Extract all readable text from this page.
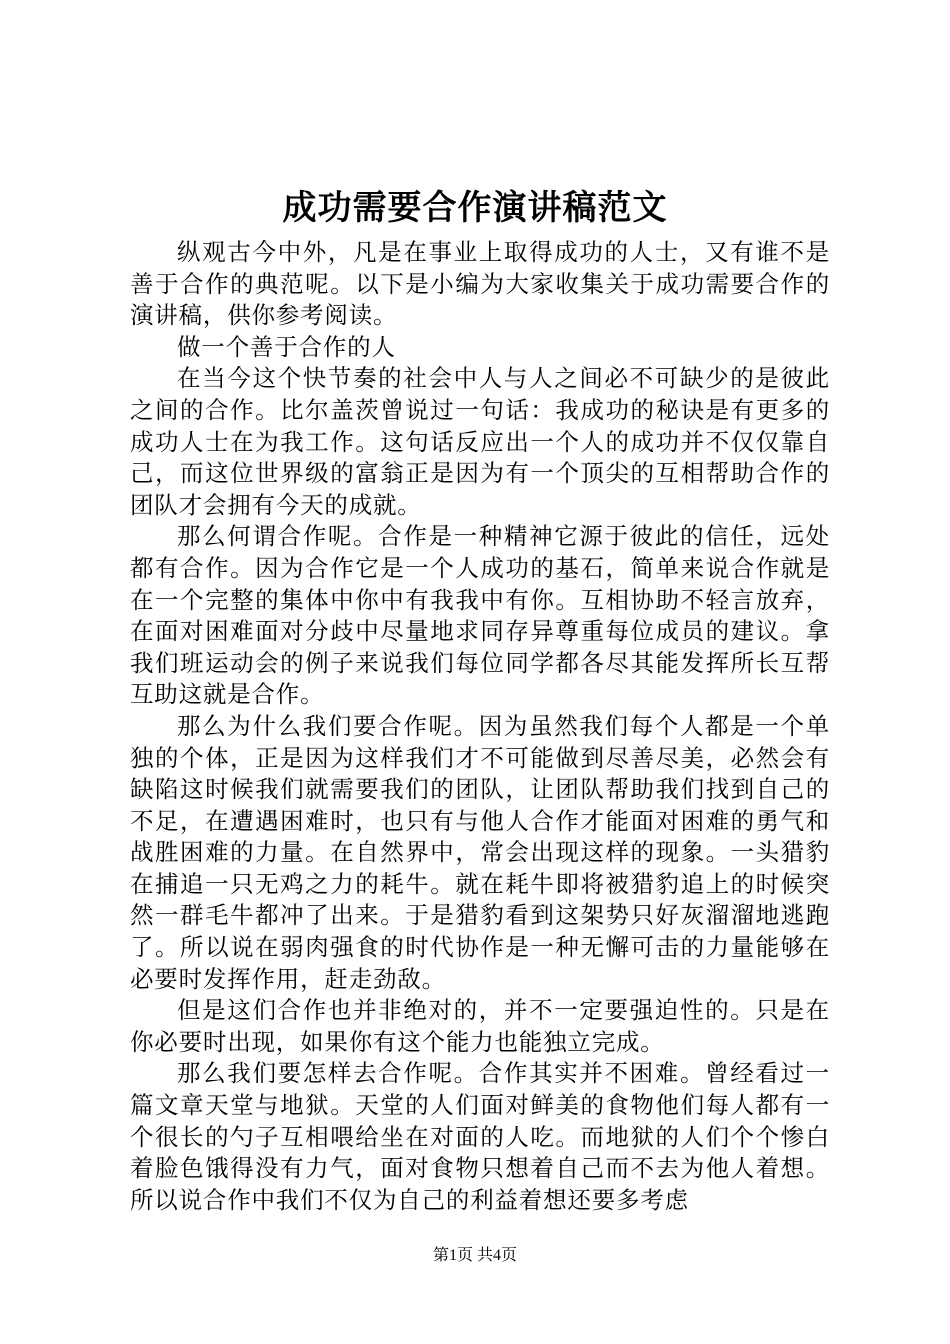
成功需要合作演讲稿范文

纵观古今中外，凡是在事业上取得成功的人士，又有谁不是善于合作的典范呢。以下是小编为大家收集关于成功需要合作的演讲稿，供你参考阅读。

做一个善于合作的人

在当今这个快节奏的社会中人与人之间必不可缺少的是彼此之间的合作。比尔盖茨曾说过一句话：我成功的秘诀是有更多的成功人士在为我工作。这句话反应出一个人的成功并不仅仅靠自己，而这位世界级的富翁正是因为有一个顶尖的互相帮助合作的团队才会拥有今天的成就。

那么何谓合作呢。合作是一种精神它源于彼此的信任，远处都有合作。因为合作它是一个人成功的基石，简单来说合作就是在一个完整的集体中你中有我我中有你。互相协助不轻言放弃，在面对困难面对分歧中尽量地求同存异尊重每位成员的建议。拿我们班运动会的例子来说我们每位同学都各尽其能发挥所长互帮互助这就是合作。

那么为什么我们要合作呢。因为虽然我们每个人都是一个单独的个体，正是因为这样我们才不可能做到尽善尽美，必然会有缺陷这时候我们就需要我们的团队，让团队帮助我们找到自己的不足，在遭遇困难时，也只有与他人合作才能面对困难的勇气和战胜困难的力量。在自然界中，常会出现这样的现象。一头猎豹在捕追一只无鸡之力的耗牛。就在耗牛即将被猎豹追上的时候突然一群毛牛都冲了出来。于是猎豹看到这架势只好灰溜溜地逃跑了。所以说在弱肉强食的时代协作是一种无懈可击的力量能够在必要时发挥作用，赶走劲敌。

但是这们合作也并非绝对的，并不一定要强迫性的。只是在你必要时出现，如果你有这个能力也能独立完成。

那么我们要怎样去合作呢。合作其实并不困难。曾经看过一篇文章天堂与地狱。天堂的人们面对鲜美的食物他们每人都有一个很长的勺子互相喂给坐在对面的人吃。而地狱的人们个个惨白着脸色饿得没有力气，面对食物只想着自己而不去为他人着想。所以说合作中我们不仅为自己的利益着想还要多考虑

第1页 共4页
